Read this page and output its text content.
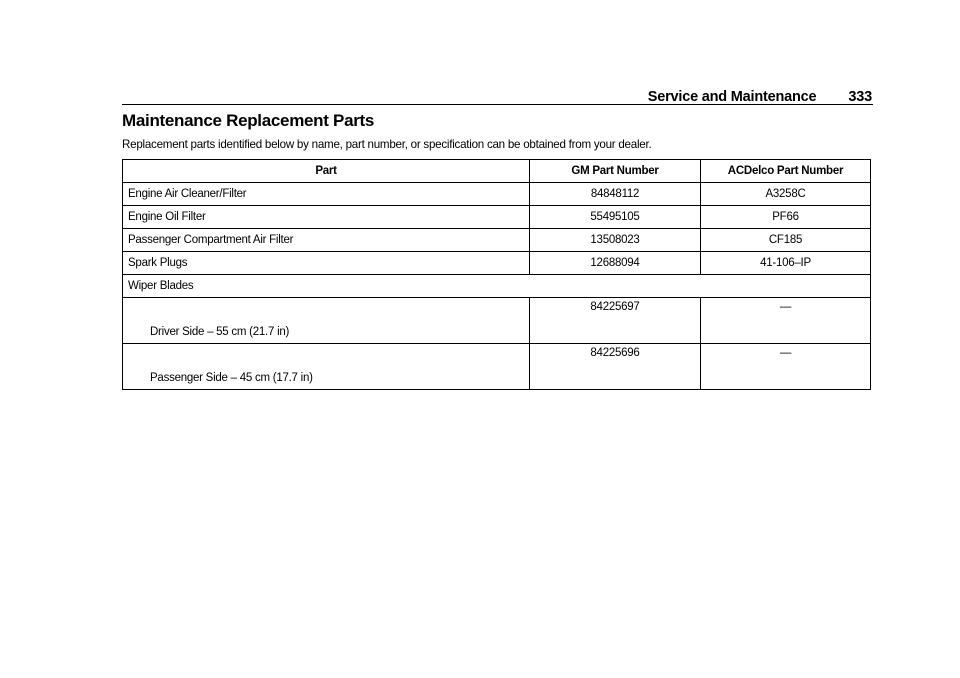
Service and Maintenance 333
Maintenance Replacement Parts
Replacement parts identified below by name, part number, or specification can be obtained from your dealer.
Part	GM Part Number	ACDelco Part Number
Engine Air Cleaner/Filter	84848112	A3258C
Engine Oil Filter	55495105	PF66
Passenger Compartment Air Filter	13508023	CF185
Spark Plugs	12688094	41-106–IP
Wiper Blades		
Driver Side – 55 cm (21.7 in)	84225697	—
Passenger Side – 45 cm (17.7 in)	84225696	—
